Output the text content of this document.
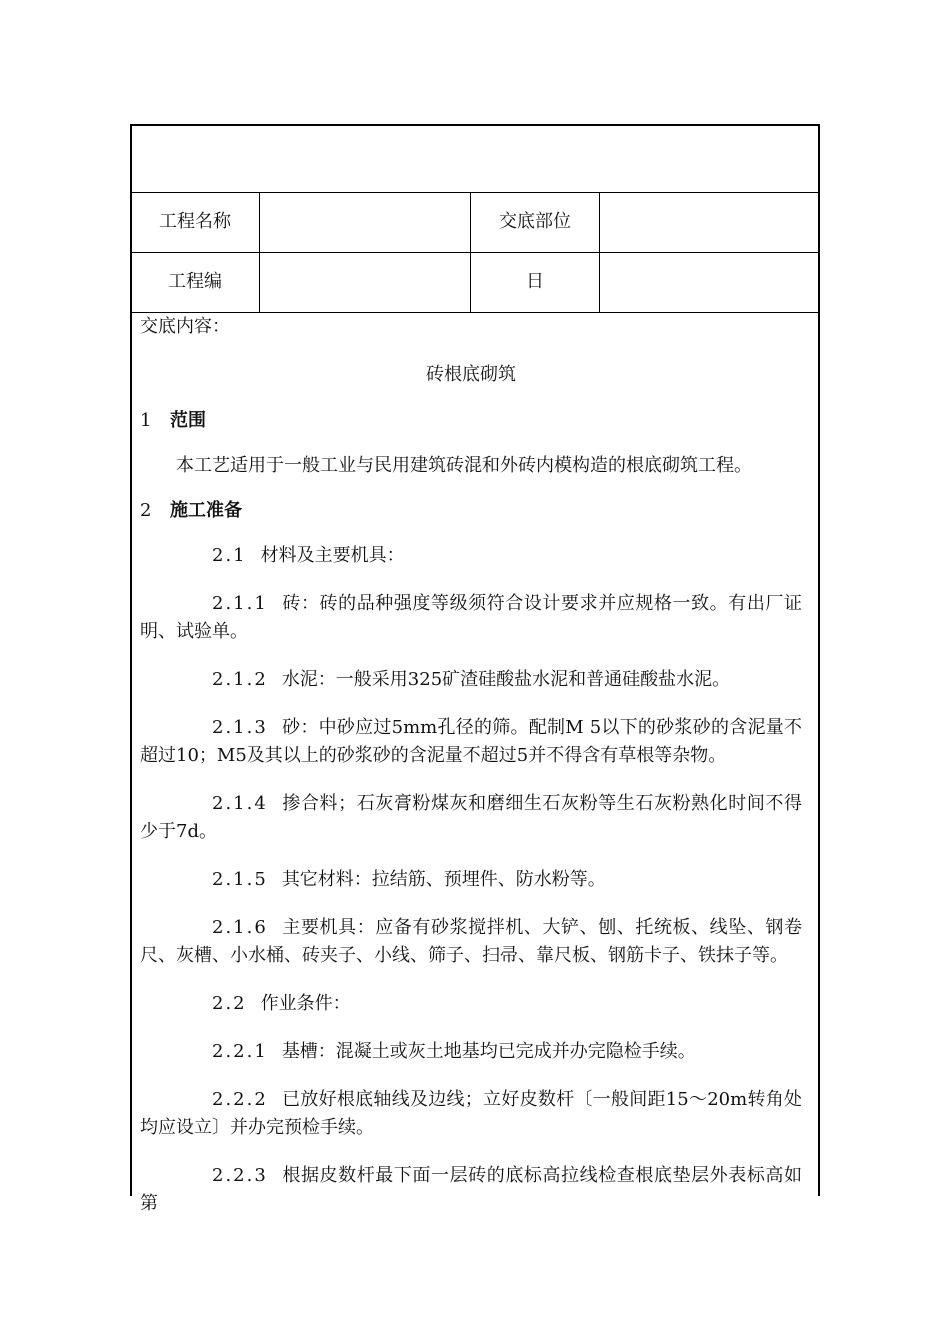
工程名称	交底部位
工程编	日

交底内容：

砖根底砌筑

1 范围

本工艺适用于一般工业与民用建筑砖混和外砖内模构造的根底砌筑工程。

2 施工准备

2.1 材料及主要机具：

2.1.1 砖：砖的品种强度等级须符合设计要求并应规格一致。有出厂证明、试验单。

2.1.2 水泥：一般采用325矿渣硅酸盐水泥和普通硅酸盐水泥。

2.1.3 砂：中砂应过5mm孔径的筛。配制M 5以下的砂浆砂的含泥量不超过10；M5及其以上的砂浆砂的含泥量不超过5并不得含有草根等杂物。

2.1.4 掺合料；石灰膏粉煤灰和磨细生石灰粉等生石灰粉熟化时间不得少于7d。

2.1.5 其它材料：拉结筋、预埋件、防水粉等。

2.1.6 主要机具：应备有砂浆搅拌机、大铲、刨、托统板、线坠、钢卷尺、灰槽、小水桶、砖夹子、小线、筛子、扫帚、靠尺板、钢筋卡子、铁抹子等。

2.2 作业条件：

2.2.1 基槽：混凝土或灰土地基均已完成并办完隐检手续。

2.2.2 已放好根底轴线及边线；立好皮数杆〔一般间距15～20m转角处均应设立〕并办完预检手续。

2.2.3 根据皮数杆最下面一层砖的底标高拉线检查根底垫层外表标高如第
